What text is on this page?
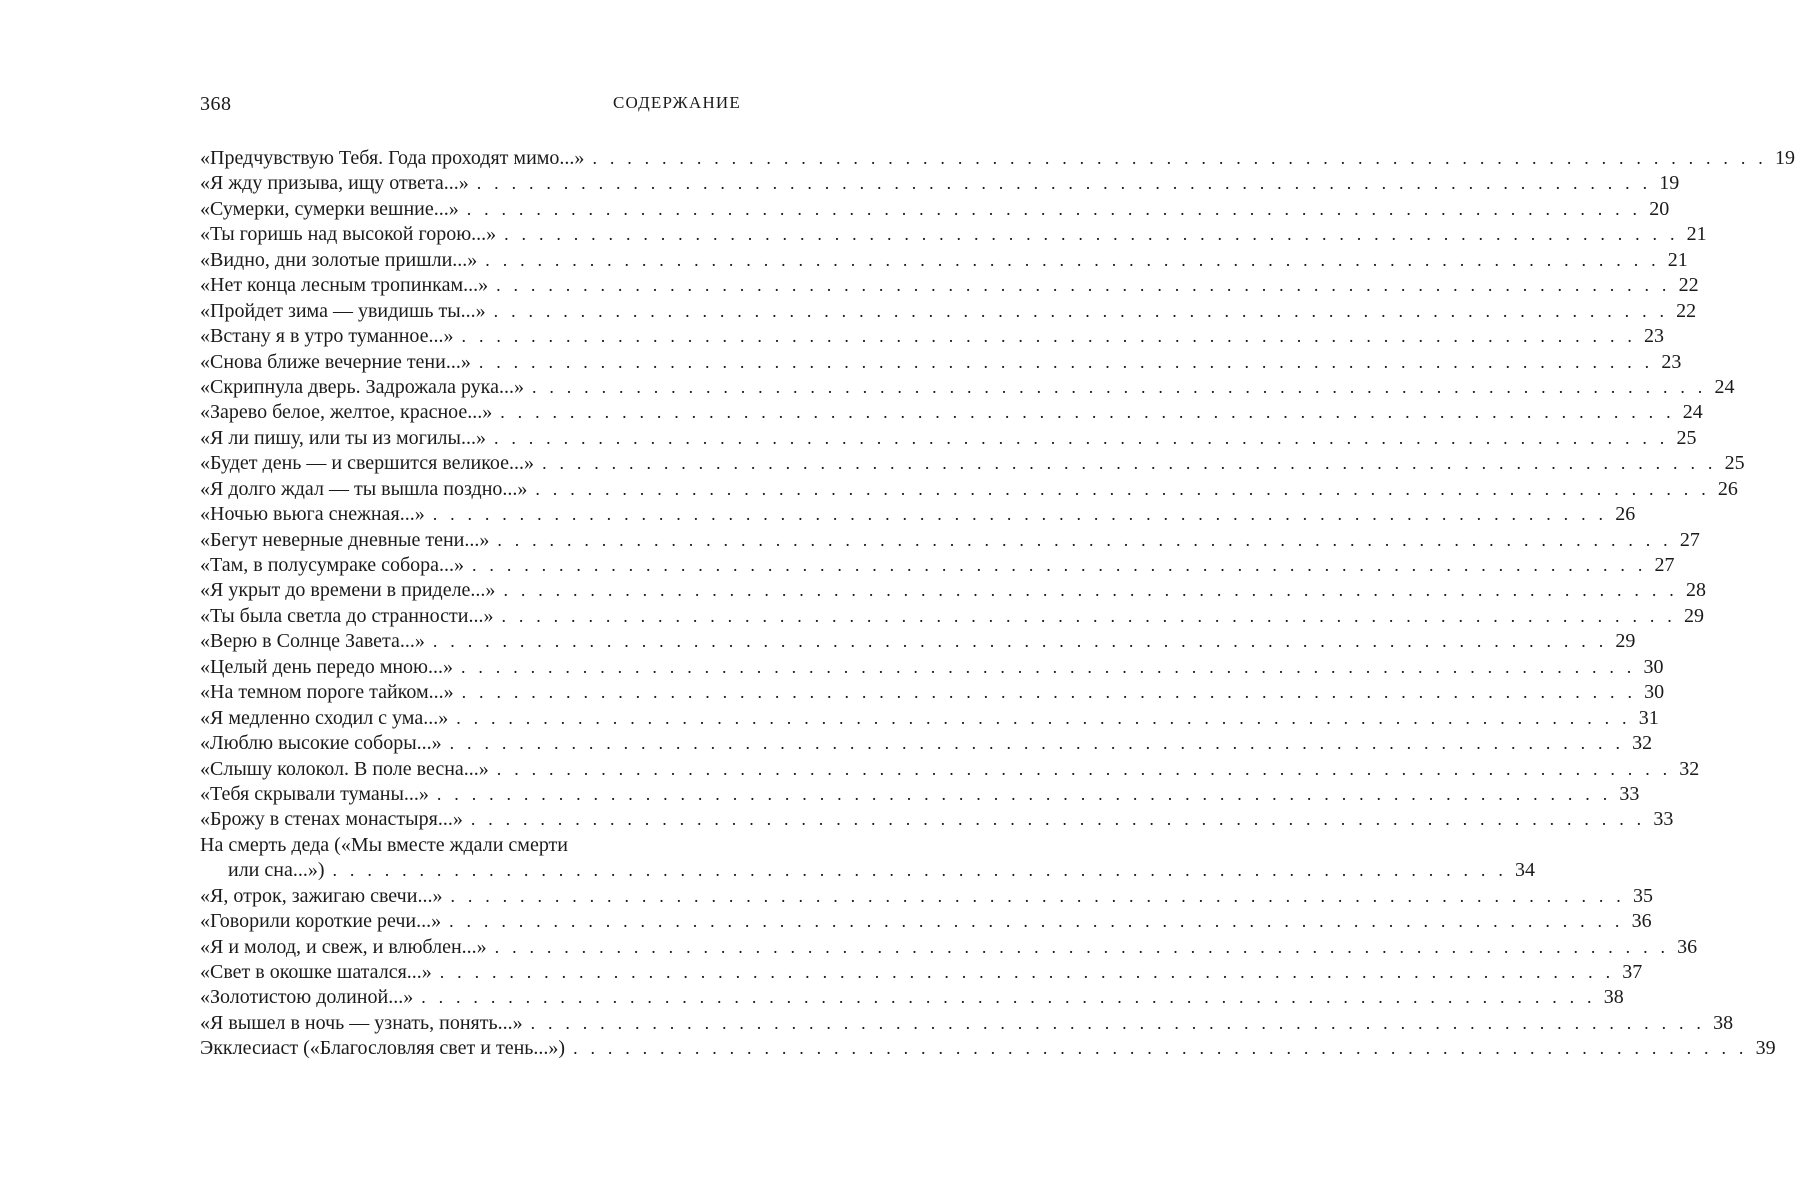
368	СОДЕРЖАНИЕ
«Предчувствую Тебя. Года проходят мимо...» . . . . . . . . . . . . . . . . . . . . . . . . . . . . . . . . . . . . . . . . . . . . . . . . . . . . . . . . . . . . . . . . . . . . 19
«Я жду призыва, ищу ответа...» . . . . . . . . . . . . . . . . . . . . . . . . . . . . . . . . . . . . . . . . . . . . . . . . . . . . . . . . . . . . . . . . . . . . 19
«Сумерки, сумерки вешние...» . . . . . . . . . . . . . . . . . . . . . . . . . . . . . . . . . . . . . . . . . . . . . . . . . . . . . . . . . . . . . . . . . . . . 20
«Ты горишь над высокой горою...» . . . . . . . . . . . . . . . . . . . . . . . . . . . . . . . . . . . . . . . . . . . . . . . . . . . . . . . . . . . . . . . . . . . . 21
«Видно, дни золотые пришли...» . . . . . . . . . . . . . . . . . . . . . . . . . . . . . . . . . . . . . . . . . . . . . . . . . . . . . . . . . . . . . . . . . . . . 21
«Нет конца лесным тропинкам...» . . . . . . . . . . . . . . . . . . . . . . . . . . . . . . . . . . . . . . . . . . . . . . . . . . . . . . . . . . . . . . . . . . . . 22
«Пройдет зима — увидишь ты...» . . . . . . . . . . . . . . . . . . . . . . . . . . . . . . . . . . . . . . . . . . . . . . . . . . . . . . . . . . . . . . . . . . . . 22
«Встану я в утро туманное...» . . . . . . . . . . . . . . . . . . . . . . . . . . . . . . . . . . . . . . . . . . . . . . . . . . . . . . . . . . . . . . . . . . . . 23
«Снова ближе вечерние тени...» . . . . . . . . . . . . . . . . . . . . . . . . . . . . . . . . . . . . . . . . . . . . . . . . . . . . . . . . . . . . . . . . . . . . 23
«Скрипнула дверь. Задрожала рука...» . . . . . . . . . . . . . . . . . . . . . . . . . . . . . . . . . . . . . . . . . . . . . . . . . . . . . . . . . . . . . . . . . . . . 24
«Зарево белое, желтое, красное...» . . . . . . . . . . . . . . . . . . . . . . . . . . . . . . . . . . . . . . . . . . . . . . . . . . . . . . . . . . . . . . . . . . . . 24
«Я ли пишу, или ты из могилы...» . . . . . . . . . . . . . . . . . . . . . . . . . . . . . . . . . . . . . . . . . . . . . . . . . . . . . . . . . . . . . . . . . . . . 25
«Будет день — и свершится великое...» . . . . . . . . . . . . . . . . . . . . . . . . . . . . . . . . . . . . . . . . . . . . . . . . . . . . . . . . . . . . . . . . . . . . 25
«Я долго ждал — ты вышла поздно...» . . . . . . . . . . . . . . . . . . . . . . . . . . . . . . . . . . . . . . . . . . . . . . . . . . . . . . . . . . . . . . . . . . . . 26
«Ночью вьюга снежная...» . . . . . . . . . . . . . . . . . . . . . . . . . . . . . . . . . . . . . . . . . . . . . . . . . . . . . . . . . . . . . . . . . . . . 26
«Бегут неверные дневные тени...» . . . . . . . . . . . . . . . . . . . . . . . . . . . . . . . . . . . . . . . . . . . . . . . . . . . . . . . . . . . . . . . . . . . . 27
«Там, в полусумраке собора...» . . . . . . . . . . . . . . . . . . . . . . . . . . . . . . . . . . . . . . . . . . . . . . . . . . . . . . . . . . . . . . . . . . . . 27
«Я укрыт до времени в приделе...» . . . . . . . . . . . . . . . . . . . . . . . . . . . . . . . . . . . . . . . . . . . . . . . . . . . . . . . . . . . . . . . . . . . . 28
«Ты была светла до странности...» . . . . . . . . . . . . . . . . . . . . . . . . . . . . . . . . . . . . . . . . . . . . . . . . . . . . . . . . . . . . . . . . . . . . 29
«Верю в Солнце Завета...» . . . . . . . . . . . . . . . . . . . . . . . . . . . . . . . . . . . . . . . . . . . . . . . . . . . . . . . . . . . . . . . . . . . . 29
«Целый день передо мною...» . . . . . . . . . . . . . . . . . . . . . . . . . . . . . . . . . . . . . . . . . . . . . . . . . . . . . . . . . . . . . . . . . . . . 30
«На темном пороге тайком...» . . . . . . . . . . . . . . . . . . . . . . . . . . . . . . . . . . . . . . . . . . . . . . . . . . . . . . . . . . . . . . . . . . . . 30
«Я медленно сходил с ума...» . . . . . . . . . . . . . . . . . . . . . . . . . . . . . . . . . . . . . . . . . . . . . . . . . . . . . . . . . . . . . . . . . . . . 31
«Люблю высокие соборы...» . . . . . . . . . . . . . . . . . . . . . . . . . . . . . . . . . . . . . . . . . . . . . . . . . . . . . . . . . . . . . . . . . . . . 32
«Слышу колокол. В поле весна...» . . . . . . . . . . . . . . . . . . . . . . . . . . . . . . . . . . . . . . . . . . . . . . . . . . . . . . . . . . . . . . . . . . . . 32
«Тебя скрывали туманы...» . . . . . . . . . . . . . . . . . . . . . . . . . . . . . . . . . . . . . . . . . . . . . . . . . . . . . . . . . . . . . . . . . . . . 33
«Брожу в стенах монастыря...» . . . . . . . . . . . . . . . . . . . . . . . . . . . . . . . . . . . . . . . . . . . . . . . . . . . . . . . . . . . . . . . . . . . . 33
На смерть деда («Мы вместе ждали смерти
или сна...») . . . . . . . . . . . . . . . . . . . . . . . . . . . . . . . . . . . . . . . . . . . . . . . . . . . . . . . . . . . . . . . . . . . . 34
«Я, отрок, зажигаю свечи...» . . . . . . . . . . . . . . . . . . . . . . . . . . . . . . . . . . . . . . . . . . . . . . . . . . . . . . . . . . . . . . . . . . . . 35
«Говорили короткие речи...» . . . . . . . . . . . . . . . . . . . . . . . . . . . . . . . . . . . . . . . . . . . . . . . . . . . . . . . . . . . . . . . . . . . . 36
«Я и молод, и свеж, и влюблен...» . . . . . . . . . . . . . . . . . . . . . . . . . . . . . . . . . . . . . . . . . . . . . . . . . . . . . . . . . . . . . . . . . . . . 36
«Свет в окошке шатался...» . . . . . . . . . . . . . . . . . . . . . . . . . . . . . . . . . . . . . . . . . . . . . . . . . . . . . . . . . . . . . . . . . . . . 37
«Золотистою долиной...» . . . . . . . . . . . . . . . . . . . . . . . . . . . . . . . . . . . . . . . . . . . . . . . . . . . . . . . . . . . . . . . . . . . . 38
«Я вышел в ночь — узнать, понять...» . . . . . . . . . . . . . . . . . . . . . . . . . . . . . . . . . . . . . . . . . . . . . . . . . . . . . . . . . . . . . . . . . . . . 38
Экклесиаст («Благословляя свет и тень...») . . . . . . . . . . . . . . . . . . . . . . . . . . . . . . . . . . . . . . . . . . . . . . . . . . . . . . . . . . . . . . . . . . . . 39
